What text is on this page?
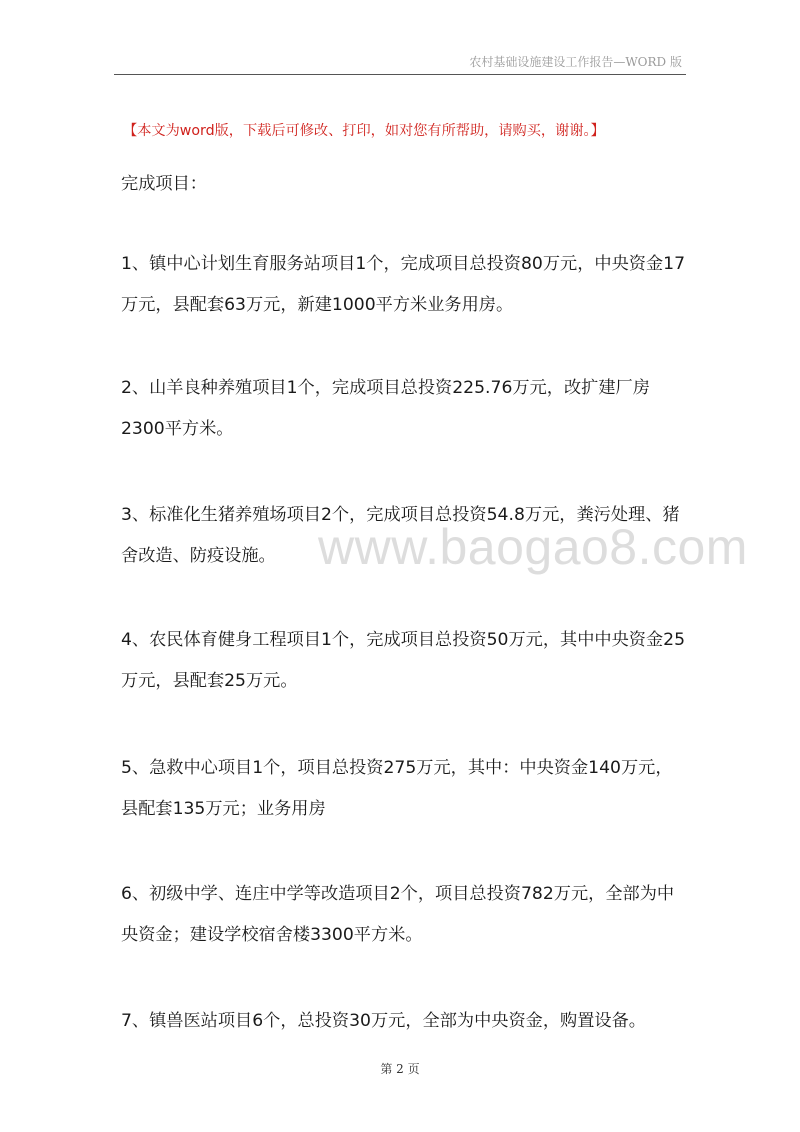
农村基础设施建设工作报告—WORD 版
【本文为word版，下载后可修改、打印，如对您有所帮助，请购买，谢谢。】

完成项目：

1、镇中心计划生育服务站项目1个，完成项目总投资80万元，中央资金17万元，县配套63万元，新建1000平方米业务用房。

2、山羊良种养殖项目1个，完成项目总投资225.76万元，改扩建厂房2300平方米。

3、标准化生猪养殖场项目2个，完成项目总投资54.8万元，粪污处理、猪舍改造、防疫设施。

4、农民体育健身工程项目1个，完成项目总投资50万元，其中中央资金25万元，县配套25万元。

5、急救中心项目1个，项目总投资275万元，其中：中央资金140万元，县配套135万元；业务用房

6、初级中学、连庄中学等改造项目2个，项目总投资782万元，全部为中央资金；建设学校宿舍楼3300平方米。

7、镇兽医站项目6个，总投资30万元，全部为中央资金，购置设备。

www.baogao8.com
第 2 页
